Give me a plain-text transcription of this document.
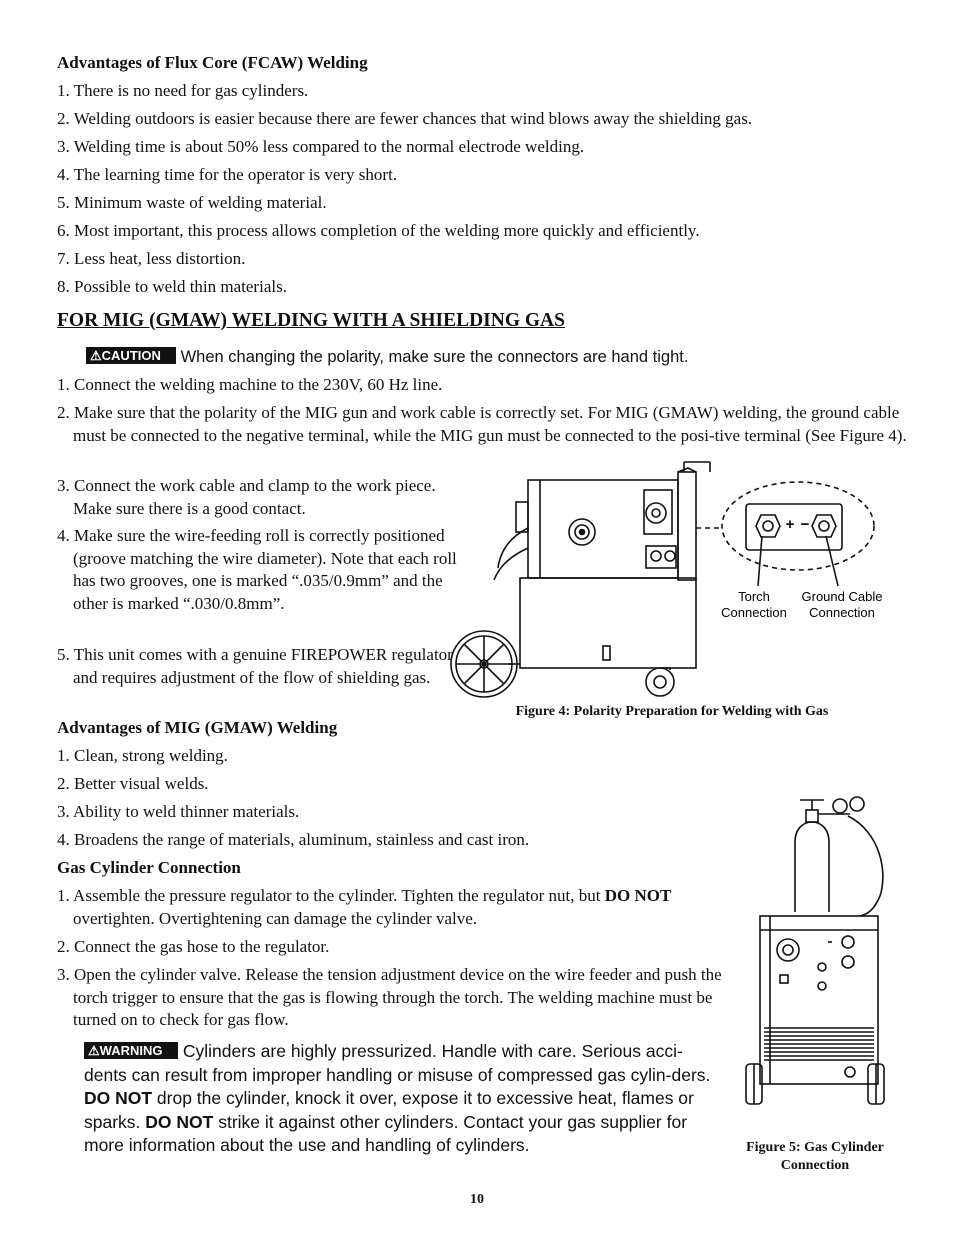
Advantages of Flux Core (FCAW) Welding
1. There is no need for gas cylinders.
2. Welding outdoors is easier because there are fewer chances that wind blows away the shielding gas.
3. Welding time is about 50% less compared to the normal electrode welding.
4. The learning time for the operator is very short.
5. Minimum waste of welding material.
6. Most important, this process allows completion of the welding more quickly and efficiently.
7. Less heat, less distortion.
8. Possible to weld thin materials.
FOR MIG (GMAW) WELDING WITH A SHIELDING GAS
⚠CAUTION When changing the polarity, make sure the connectors are hand tight.
1. Connect the welding machine to the 230V, 60 Hz line.
2. Make sure that the polarity of the MIG gun and work cable is correctly set. For MIG (GMAW) welding, the ground cable must be connected to the negative terminal, while the MIG gun must be connected to the posi-tive terminal (See Figure 4).
3. Connect the work cable and clamp to the work piece. Make sure there is a good contact.
4. Make sure the wire-feeding roll is correctly positioned (groove matching the wire diameter). Note that each roll has two grooves, one is marked “.035/0.9mm” and the other is marked “.030/0.8mm”.
5. This unit comes with a genuine FIREPOWER regulator and requires adjustment of the flow of shielding gas.
+ −
Torch
Connection
Ground Cable
Connection
Figure 4: Polarity Preparation for Welding with Gas
Advantages of MIG (GMAW) Welding
1. Clean, strong welding.
2. Better visual welds.
3. Ability to weld thinner materials.
4. Broadens the range of materials, aluminum, stainless and cast iron.
Gas Cylinder Connection
1. Assemble the pressure regulator to the cylinder. Tighten the regulator nut, but DO NOT overtighten. Overtightening can damage the cylinder valve.
2. Connect the gas hose to the regulator.
3. Open the cylinder valve. Release the tension adjustment device on the wire feeder and push the torch trigger to ensure that the gas is flowing through the torch. The welding machine must be turned on to check for gas flow.
⚠WARNING Cylinders are highly pressurized. Handle with care. Serious acci-dents can result from improper handling or misuse of compressed gas cylin-ders. DO NOT drop the cylinder, knock it over, expose it to excessive heat, flames or sparks. DO NOT strike it against other cylinders. Contact your gas supplier for more information about the use and handling of cylinders.	Figure 5: Gas Cylinder
Connection
10
